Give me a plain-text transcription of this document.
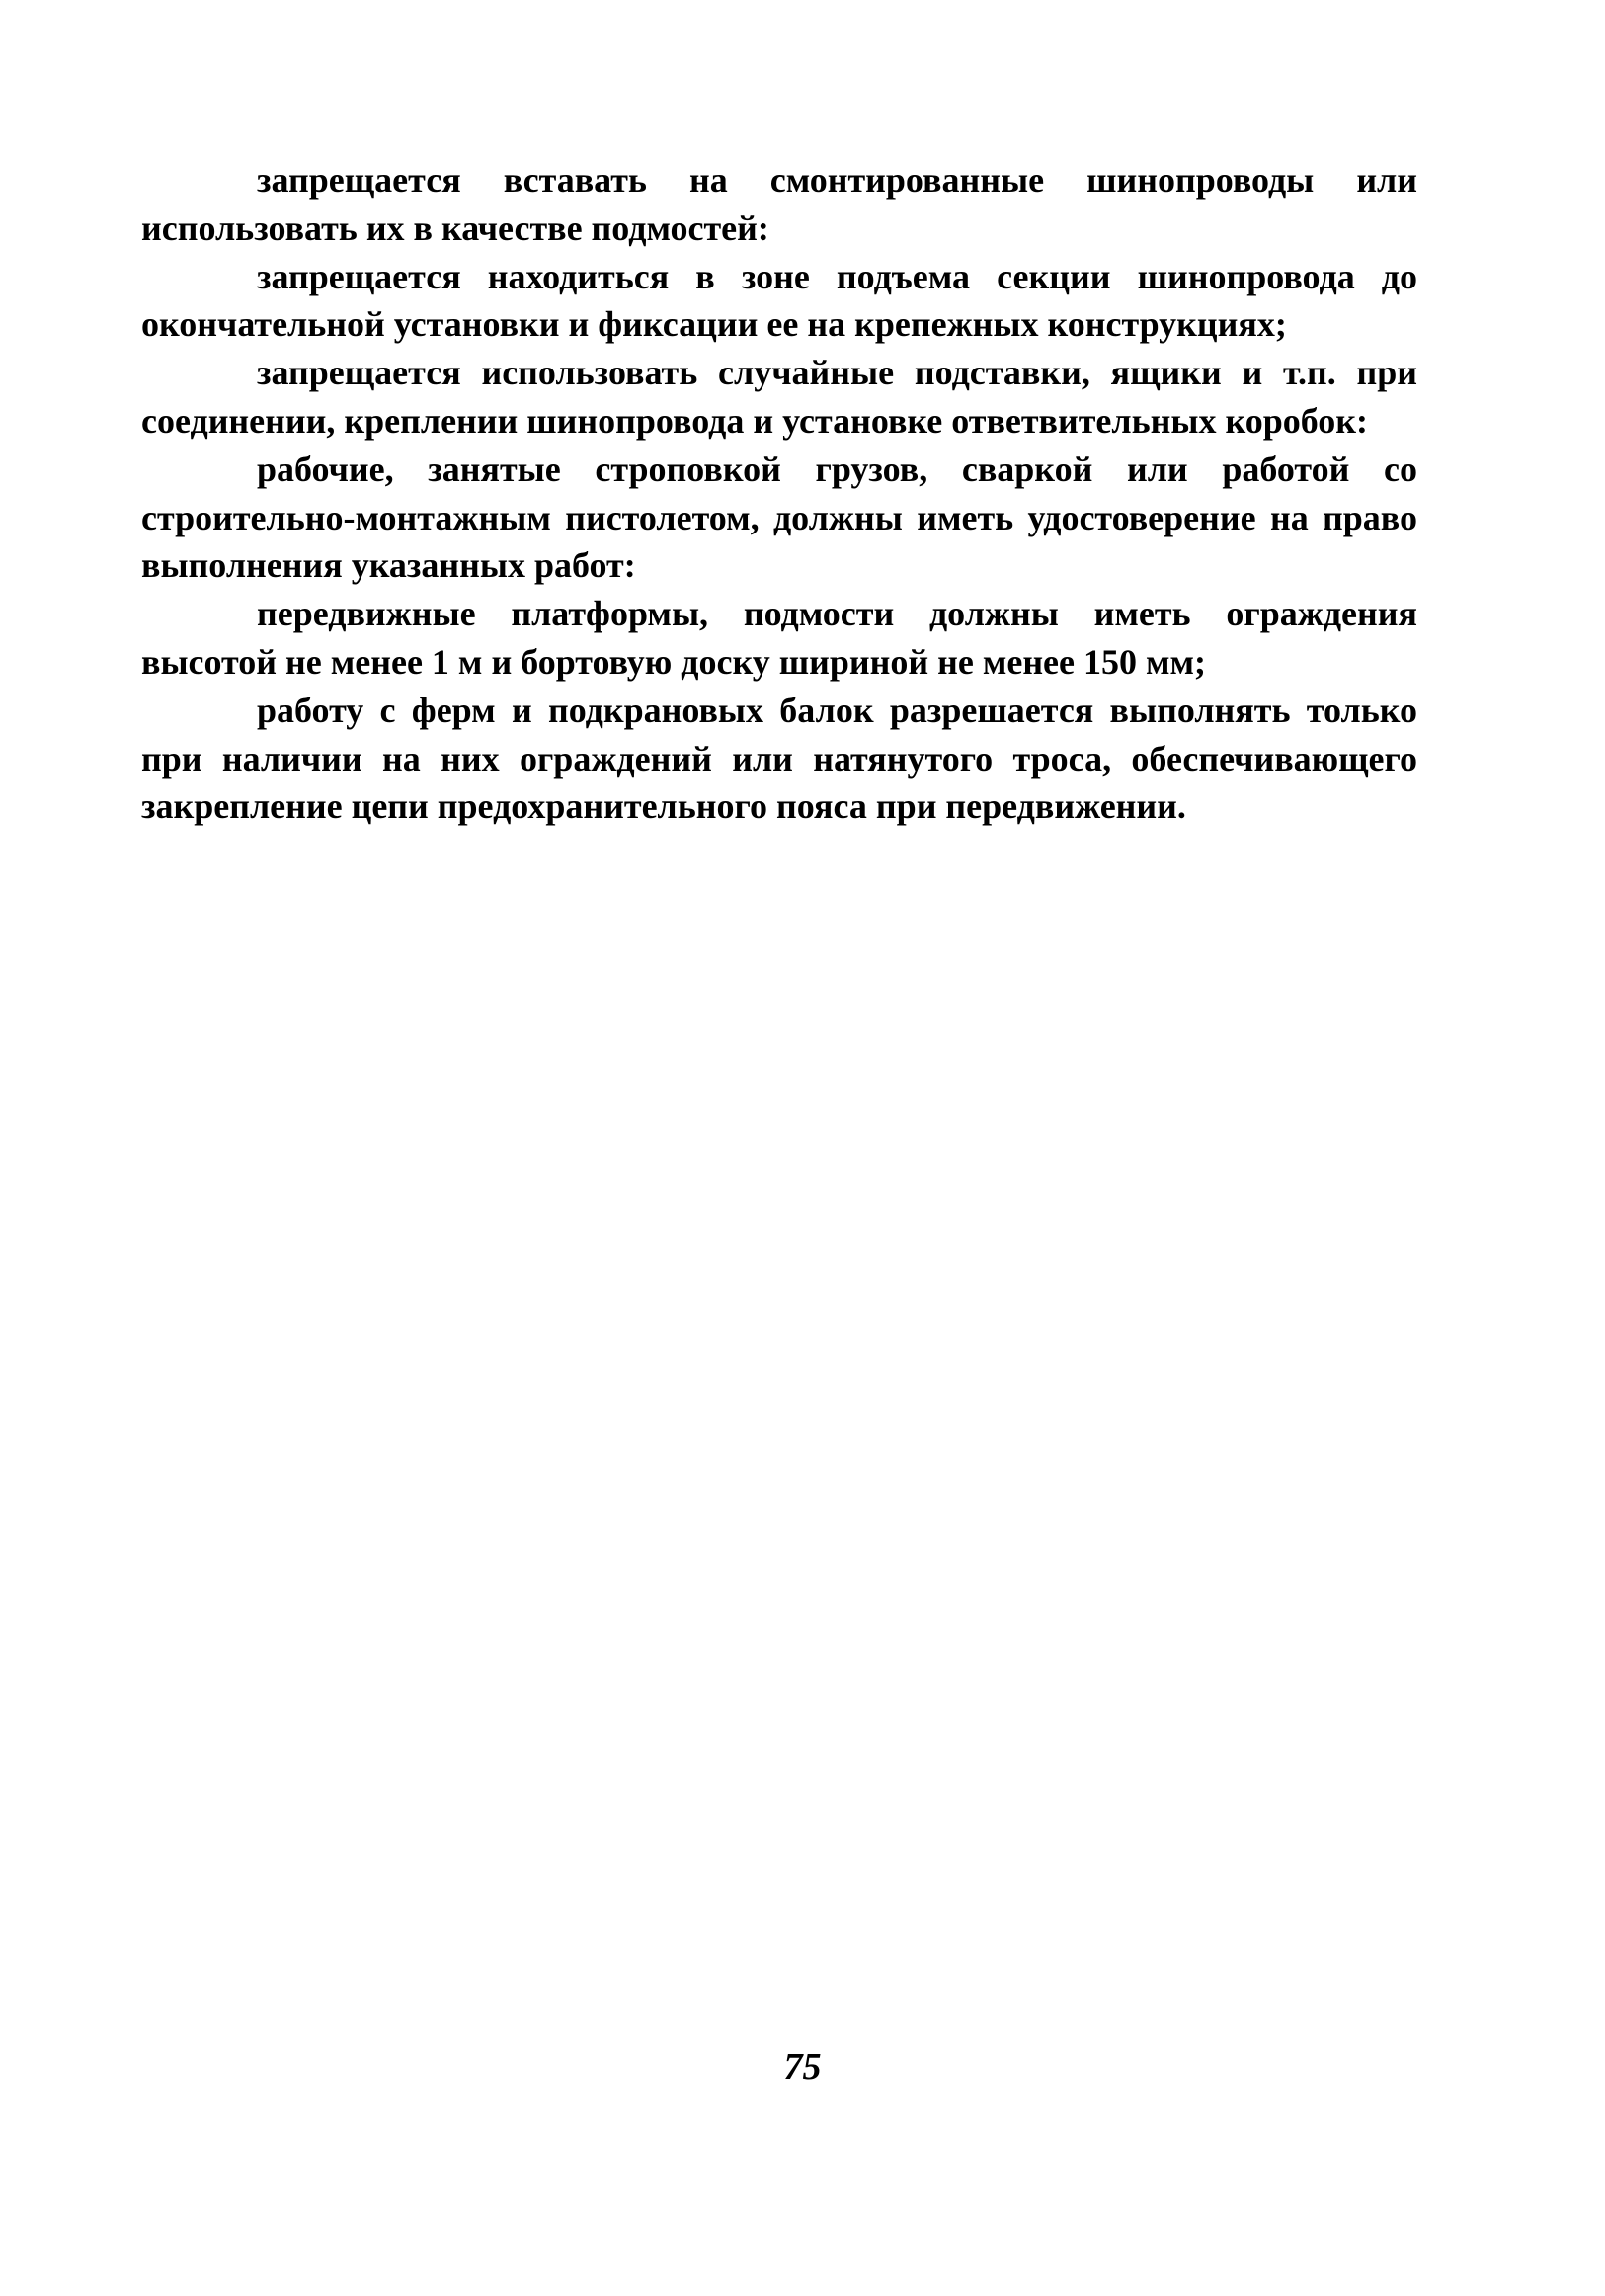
запрещается вставать на смонтированные шинопроводы или использовать их в качестве подмостей:

запрещается находиться в зоне подъема секции шинопровода до окончательной установки и фиксации ее на крепежных конструкциях;

запрещается использовать случайные подставки, ящики и т.п. при соединении, креплении шинопровода и установке ответвительных коробок:

рабочие, занятые строповкой грузов, сваркой или работой со строительно-монтажным пистолетом, должны иметь удостоверение на право выполнения указанных работ:

передвижные платформы, подмости должны иметь ограждения высотой не менее 1 м и бортовую доску шириной не менее 150 мм;

работу с ферм и подкрановых балок разрешается выполнять только при наличии на них ограждений или натянутого троса, обеспечивающего закрепление цепи предохранительного пояса при передвижении.

75
